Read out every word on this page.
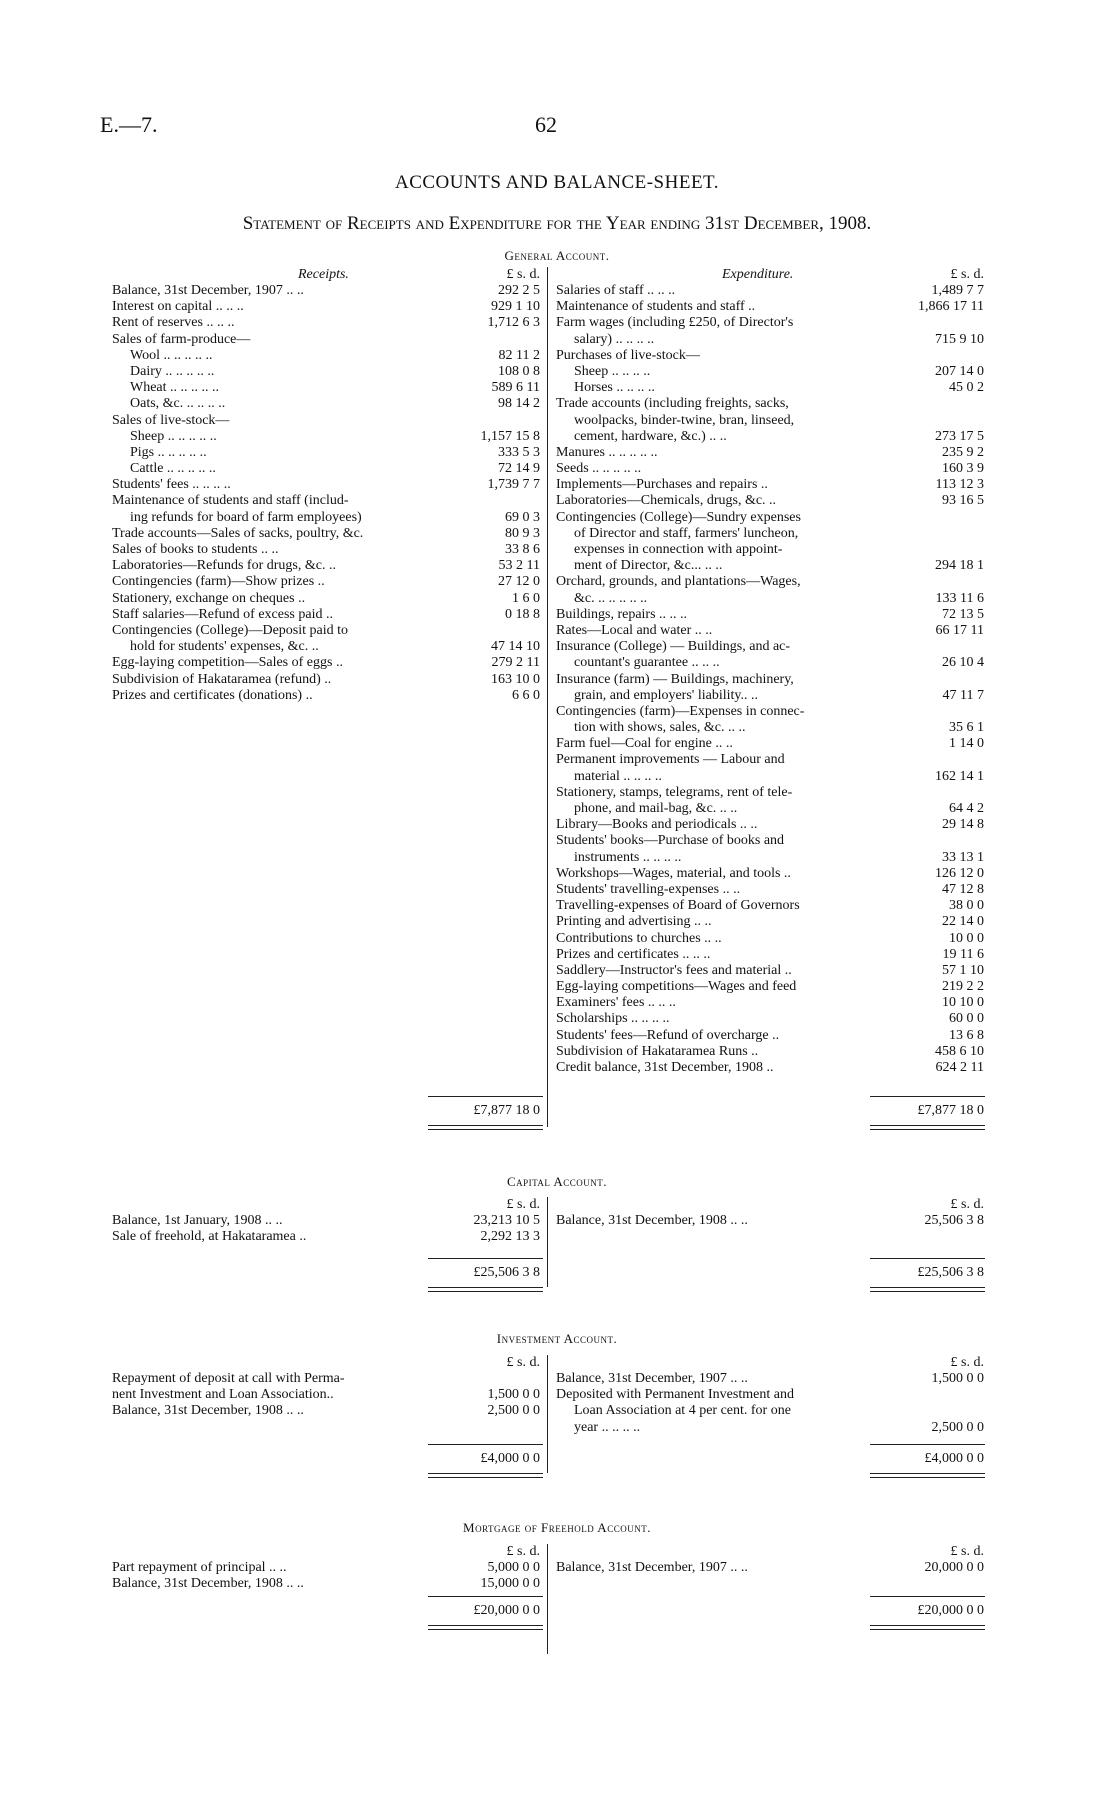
E.—7.	62
ACCOUNTS AND BALANCE-SHEET.
Statement of Receipts and Expenditure for the Year ending 31st December, 1908.
General Account.
Receipts.	£ s. d.
Balance, 31st December, 1907 .. ..	292 2 5
Interest on capital .. .. ..	929 1 10
Rent of reserves .. .. ..	1,712 6 3
Sales of farm-produce—
Wool .. .. .. .. ..	82 11 2
Dairy .. .. .. .. ..	108 0 8
Wheat .. .. .. .. ..	589 6 11
Oats, &c. .. .. .. ..	98 14 2
Sales of live-stock—
Sheep .. .. .. .. ..	1,157 15 8
Pigs .. .. .. .. ..	333 5 3
Cattle .. .. .. .. ..	72 14 9
Students' fees .. .. .. ..	1,739 7 7
Maintenance of students and staff (includ-
ing refunds for board of farm employees)	69 0 3
Trade accounts—Sales of sacks, poultry, &c.	80 9 3
Sales of books to students .. ..	33 8 6
Laboratories—Refunds for drugs, &c. ..	53 2 11
Contingencies (farm)—Show prizes ..	27 12 0
Stationery, exchange on cheques ..	1 6 0
Staff salaries—Refund of excess paid ..	0 18 8
Contingencies (College)—Deposit paid to
hold for students' expenses, &c. ..	47 14 10
Egg-laying competition—Sales of eggs ..	279 2 11
Subdivision of Hakataramea (refund) ..	163 10 0
Prizes and certificates (donations) ..	6 6 0
Expenditure.	£ s. d.
Salaries of staff .. .. ..	1,489 7 7
Maintenance of students and staff ..	1,866 17 11
Farm wages (including £250, of Director's
salary) .. .. .. ..	715 9 10
Purchases of live-stock—
Sheep .. .. .. ..	207 14 0
Horses .. .. .. ..	45 0 2
Trade accounts (including freights, sacks,
woolpacks, binder-twine, bran, linseed,
cement, hardware, &c.) .. ..	273 17 5
Manures .. .. .. .. ..	235 9 2
Seeds .. .. .. .. ..	160 3 9
Implements—Purchases and repairs ..	113 12 3
Laboratories—Chemicals, drugs, &c. ..	93 16 5
Contingencies (College)—Sundry expenses
of Director and staff, farmers' luncheon,
expenses in connection with appoint-
ment of Director, &c... .. ..	294 18 1
Orchard, grounds, and plantations—Wages,
&c. .. .. .. .. ..	133 11 6
Buildings, repairs .. .. ..	72 13 5
Rates—Local and water .. ..	66 17 11
Insurance (College) — Buildings, and ac-
countant's guarantee .. .. ..	26 10 4
Insurance (farm) — Buildings, machinery,
grain, and employers' liability.. ..	47 11 7
Contingencies (farm)—Expenses in connec-
tion with shows, sales, &c. .. ..	35 6 1
Farm fuel—Coal for engine .. ..	1 14 0
Permanent improvements — Labour and
material .. .. .. ..	162 14 1
Stationery, stamps, telegrams, rent of tele-
phone, and mail-bag, &c. .. ..	64 4 2
Library—Books and periodicals .. ..	29 14 8
Students' books—Purchase of books and
instruments .. .. .. ..	33 13 1
Workshops—Wages, material, and tools ..	126 12 0
Students' travelling-expenses .. ..	47 12 8
Travelling-expenses of Board of Governors	38 0 0
Printing and advertising .. ..	22 14 0
Contributions to churches .. ..	10 0 0
Prizes and certificates .. .. ..	19 11 6
Saddlery—Instructor's fees and material ..	57 1 10
Egg-laying competitions—Wages and feed	219 2 2
Examiners' fees .. .. ..	10 10 0
Scholarships .. .. .. ..	60 0 0
Students' fees—Refund of overcharge ..	13 6 8
Subdivision of Hakataramea Runs ..	458 6 10
Credit balance, 31st December, 1908 ..	624 2 11
£7,877 18 0	£7,877 18 0
Capital Account.
£ s. d.
Balance, 1st January, 1908 .. ..	23,213 10 5
Sale of freehold, at Hakataramea ..	2,292 13 3
£ s. d.
Balance, 31st December, 1908 .. ..	25,506 3 8
£25,506 3 8	£25,506 3 8
Investment Account.
£ s. d.
Repayment of deposit at call with Perma-
nent Investment and Loan Association..	1,500 0 0
Balance, 31st December, 1908 .. ..	2,500 0 0
£ s. d.
Balance, 31st December, 1907 .. ..	1,500 0 0
Deposited with Permanent Investment and
Loan Association at 4 per cent. for one
year .. .. .. ..	2,500 0 0
£4,000 0 0	£4,000 0 0
Mortgage of Freehold Account.
£ s. d.
Part repayment of principal .. ..	5,000 0 0
Balance, 31st December, 1908 .. ..	15,000 0 0
£ s. d.
Balance, 31st December, 1907 .. ..	20,000 0 0
£20,000 0 0	£20,000 0 0
